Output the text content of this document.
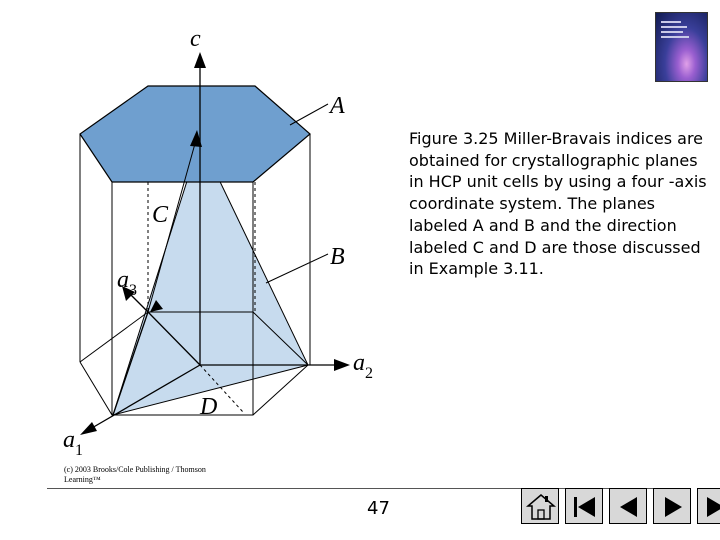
c
A
C
B
$a_3$
$a_2$
D
$a_1$
Figure 3.25 Miller-Bravais indices are obtained for crystallographic planes in HCP unit cells by using a four -axis coordinate system. The planes labeled A and B and the direction labeled C and D are those discussed in Example 3.11.
(c) 2003 Brooks/Cole Publishing / Thomson Learning™
47
